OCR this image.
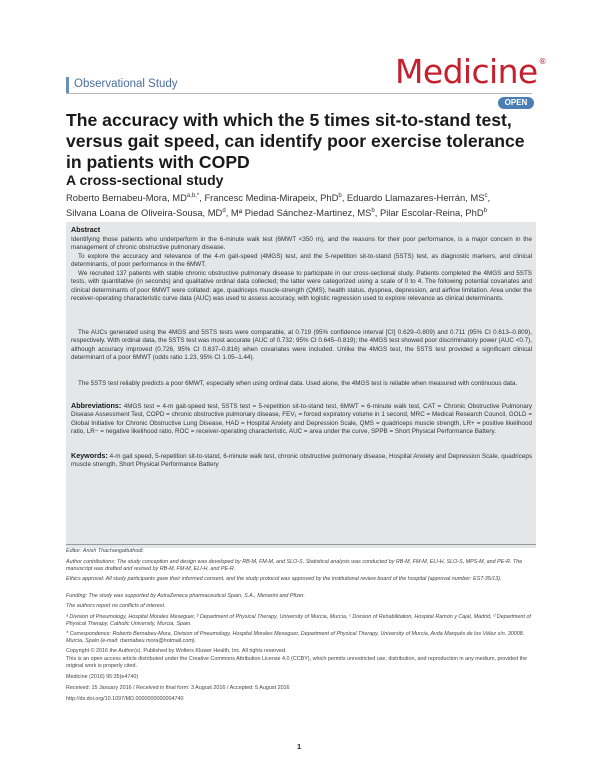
Observational Study	Medicine®
OPEN
The accuracy with which the 5 times sit-to-stand test, versus gait speed, can identify poor exercise tolerance in patients with COPD
A cross-sectional study
Roberto Bernabeu-Mora, $MD^{a,b,*}$, Francesc Medina-Mirapeix, PhD$^b$, Eduardo Llamazares-Herrán, $MS^c$,
Silvana Loana de Oliveira-Sousa, $MD^d$, Mª Piedad Sánchez-Martinez, $MS^b$, Pilar Escolar-Reina, PhD$^b$
Abstract
Identifying those patients who underperform in the 6-minute walk test (6MWT <350 m), and the reasons for their poor performance, is a major concern in the management of chronic obstructive pulmonary disease.
To explore the accuracy and relevance of the 4-m gait-speed (4MGS) test, and the 5-repetition sit-to-stand (5STS) test, as diagnostic markers, and clinical determinants, of poor performance in the 6MWT.
We recruited 137 patients with stable chronic obstructive pulmonary disease to participate in our cross-sectional study. Patients completed the 4MGS and 5STS tests, with quantitative (in seconds) and qualitative ordinal data collected; the latter were categorized using a scale of 0 to 4. The following potential covariates and clinical determinants of poor 6MWT were collated: age, quadriceps muscle-strength (QMS), health status, dyspnea, depression, and airflow limitation. Area under the receiver-operating characteristic curve data (AUC) was used to assess accuracy, with logistic regression used to explore relevance as clinical determinants.
The AUCs generated using the 4MGS and 5STS tests were comparable, at 0.719 (95% confidence interval [CI] 0.629–0.809) and 0.711 (95% CI 0.613–0.809), respectively. With ordinal data, the 5STS test was most accurate (AUC of 0.732; 95% CI 0.645–0.819); the 4MGS test showed poor discriminatory power (AUC <0.7), although accuracy improved (0.726, 95% CI 0.637–0.816) when covariates were included. Unlike the 4MGS test, the 5STS test provided a significant clinical determinant of a poor 6MWT (odds ratio 1.23, 95% CI 1.05–1.44).
The 5STS test reliably predicts a poor 6MWT, especially when using ordinal data. Used alone, the 4MGS test is reliable when measured with continuous data.
Abbreviations: 4MGS test = 4-m gait-speed test, 5STS test = 5-repetition sit-to-stand test, 6MWT = 6-minute walk test, CAT = Chronic Obstructive Pulmonary Disease Assessment Test, COPD = chronic obstructive pulmonary disease, FEV₁ = forced expiratory volume in 1 second, MRC = Medical Research Council, GOLD = Global Initiative for Chronic Obstructive Lung Disease, HAD = Hospital Anxiety and Depression Scale, QMS = quadriceps muscle strength, LR+ = positive likelihood ratio, LR− = negative likelihood ratio, ROC = receiver-operating characteristic, AUC = area under the curve, SPPB = Short Physical Performance Battery.
Keywords: 4-m gait speed, 5-repetition sit-to-stand, 6-minute walk test, chronic obstructive pulmonary disease, Hospital Anxiety and Depression Scale, quadriceps muscle strength, Short Physical Performance Battery
Editor: Anish Thachangattuthodi.
Author contributions: The study conception and design was developed by RB-M, FM-M, and SLO-S. Statistical analysis was conducted by RB-M, FM-M, ELI-H, SLO-S, MPS-M, and PE-R. The manuscript was drafted and revised by RB-M, FM-M, ELI-H, and PE-R.
Ethics approval: All study participants gave their informed consent, and the study protocol was approved by the institutional review board of the hospital (approval number: EST-35/13).
Funding: The study was supported by AstraZeneca pharmaceutical Spain, S.A., Menarini and Pfizer.
The authors report no conflicts of interest.
ᵃ Division of Pneumology, Hospital Morales Meseguer, ᵇ Department of Physical Therapy, University of Murcia, Murcia, ᶜ Division of Rehabilitation, Hospital Ramón y Cajal, Madrid, ᵈ Department of Physical Therapy, Catholic University, Murcia, Spain.
* Correspondence: Roberto Bernabeu-Mora, Division of Pneumology, Hospital Morales Meseguer, Department of Physical Therapy, University of Murcia, Avda Marqués de los Vélez s/n. 30008. Murcia, Spain (e-mail: rbernabeu.mora@hotmail.com).
Copyright © 2016 the Author(s). Published by Wolters Kluwer Health, Inc. All rights reserved.
This is an open access article distributed under the Creative Commons Attribution License 4.0 (CCBY), which permits unrestricted use, distribution, and reproduction in any medium, provided the original work is properly cited.
Medicine (2016) 95:35(e4740)
Received: 15 January 2016 / Received in final form: 3 August 2016 / Accepted: 5 August 2016
http://dx.doi.org/10.1097/MD.0000000000004740
1
